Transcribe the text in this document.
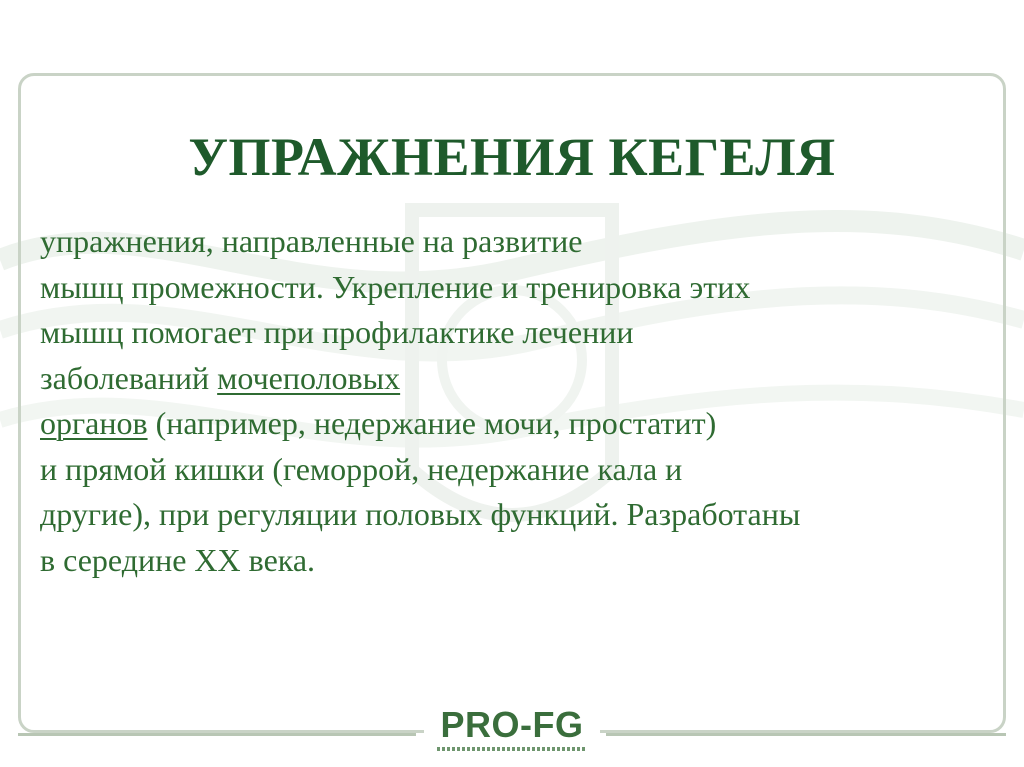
УПРАЖНЕНИЯ КЕГЕЛЯ

упражнения, направленные на развитие
мышц промежности. Укрепление и тренировка этих
мышц помогает при профилактике лечении
заболеваний мочеполовых
органов (например, недержание мочи, простатит)
и прямой кишки (геморрой, недержание кала и
другие), при регуляции половых функций. Разработаны
в середине XX века.

PRO-FG
